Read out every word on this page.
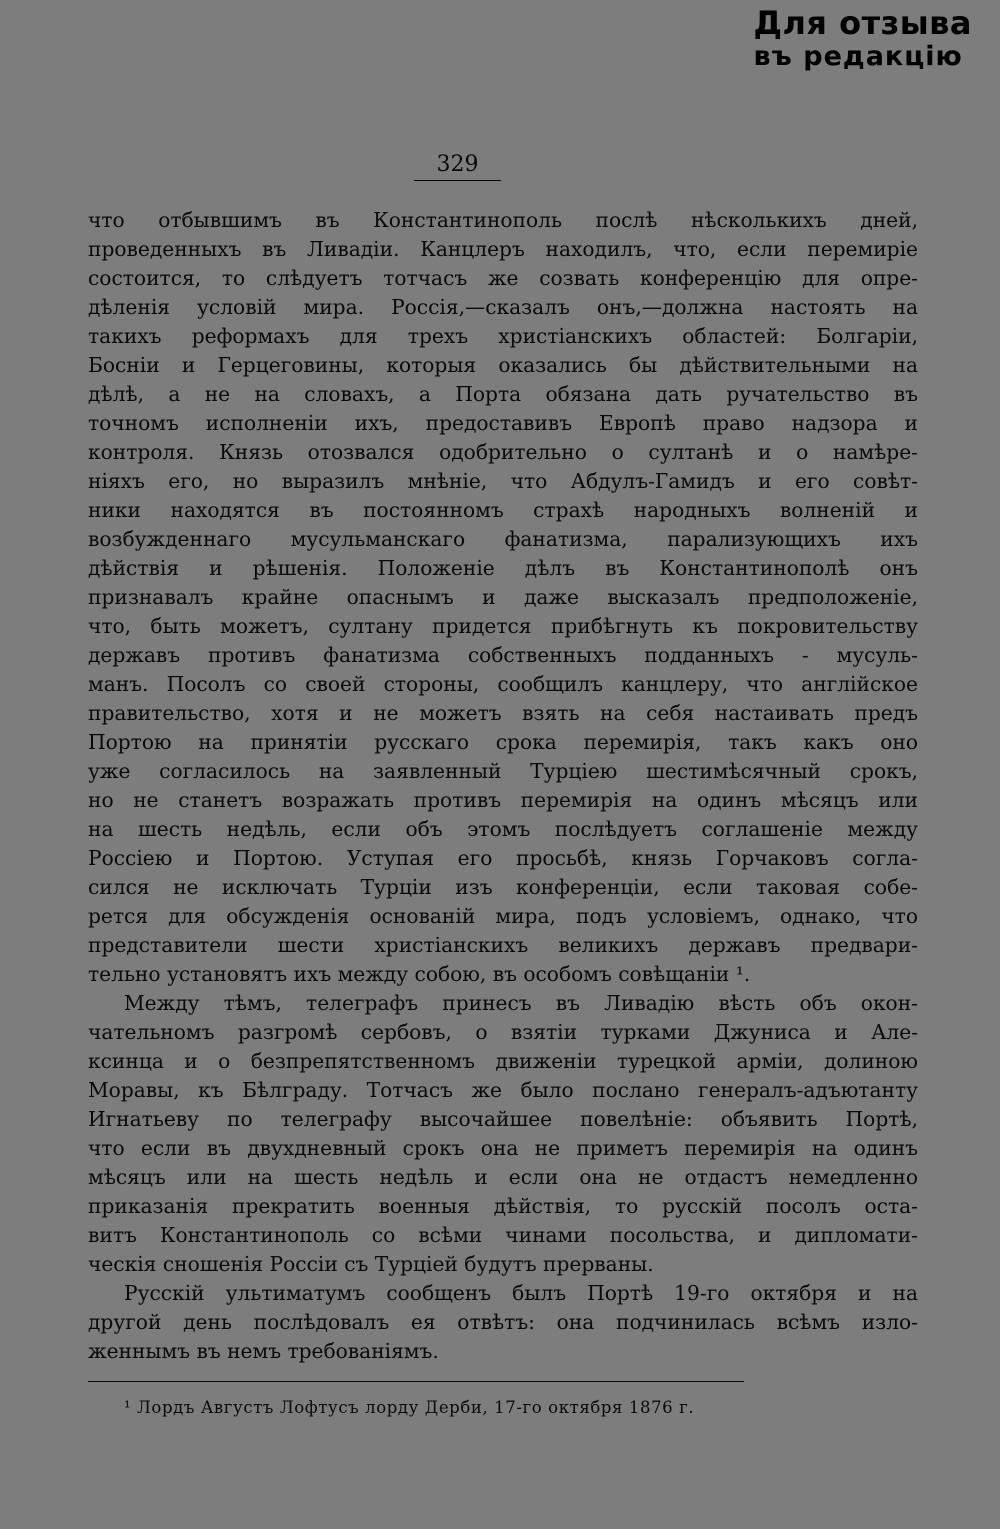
Для отзыва
въ редакцію
329
что отбывшимъ въ Константинополь послѣ нѣсколькихъ дней,
проведенныхъ въ Ливадіи. Канцлеръ находилъ, что, если перемиріе
состоится, то слѣдуетъ тотчасъ же созвать конференцію для опре-
дѣленія условій мира. Россія,—сказалъ онъ,—должна настоять на
такихъ реформахъ для трехъ христіанскихъ областей: Болгаріи,
Босніи и Герцеговины, которыя оказались бы дѣйствительными на
дѣлѣ, а не на словахъ, а Порта обязана дать ручательство въ
точномъ исполненіи ихъ, предоставивъ Европѣ право надзора и
контроля. Князь отозвался одобрительно о султанѣ и о намѣре-
ніяхъ его, но выразилъ мнѣніе, что Абдулъ-Гамидъ и его совѣт-
ники находятся въ постоянномъ страхѣ народныхъ волненій и
возбужденнаго мусульманскаго фанатизма, парализующихъ ихъ
дѣйствія и рѣшенія. Положеніе дѣлъ въ Константинополѣ онъ
признавалъ крайне опаснымъ и даже высказалъ предположеніе,
что, быть можетъ, султану придется прибѣгнуть къ покровительству
державъ противъ фанатизма собственныхъ подданныхъ - мусуль-
манъ. Посолъ со своей стороны, сообщилъ канцлеру, что англійское
правительство, хотя и не можетъ взять на себя настаивать предъ
Портою на принятіи русскаго срока перемирія, такъ какъ оно
уже согласилось на заявленный Турціею шестимѣсячный срокъ,
но не станетъ возражать противъ перемирія на одинъ мѣсяцъ или
на шесть недѣль, если объ этомъ послѣдуетъ соглашеніе между
Россіею и Портою. Уступая его просьбѣ, князь Горчаковъ согла-
сился не исключать Турціи изъ конференціи, если таковая собе-
рется для обсужденія основаній мира, подъ условіемъ, однако, что
представители шести христіанскихъ великихъ державъ предвари-
тельно установятъ ихъ между собою, въ особомъ совѣщаніи ¹.
Между тѣмъ, телеграфъ принесъ въ Ливадію вѣсть объ окон-
чательномъ разгромѣ сербовъ, о взятіи турками Джуниса и Але-
ксинца и о безпрепятственномъ движеніи турецкой арміи, долиною
Моравы, къ Бѣлграду. Тотчасъ же было послано генералъ-адъютанту
Игнатьеву по телеграфу высочайшее повелѣніе: объявить Портѣ,
что если въ двухдневный срокъ она не приметъ перемирія на одинъ
мѣсяцъ или на шесть недѣль и если она не отдастъ немедленно
приказанія прекратить военныя дѣйствія, то русскій посолъ оста-
витъ Константинополь со всѣми чинами посольства, и дипломати-
ческія сношенія Россіи съ Турціей будутъ прерваны.
Русскій ультиматумъ сообщенъ былъ Портѣ 19-го октября и на
другой день послѣдовалъ ея отвѣтъ: она подчинилась всѣмъ изло-
женнымъ въ немъ требованіямъ.
¹ Лордъ Августъ Лофтусъ лорду Дерби, 17-го октября 1876 г.
